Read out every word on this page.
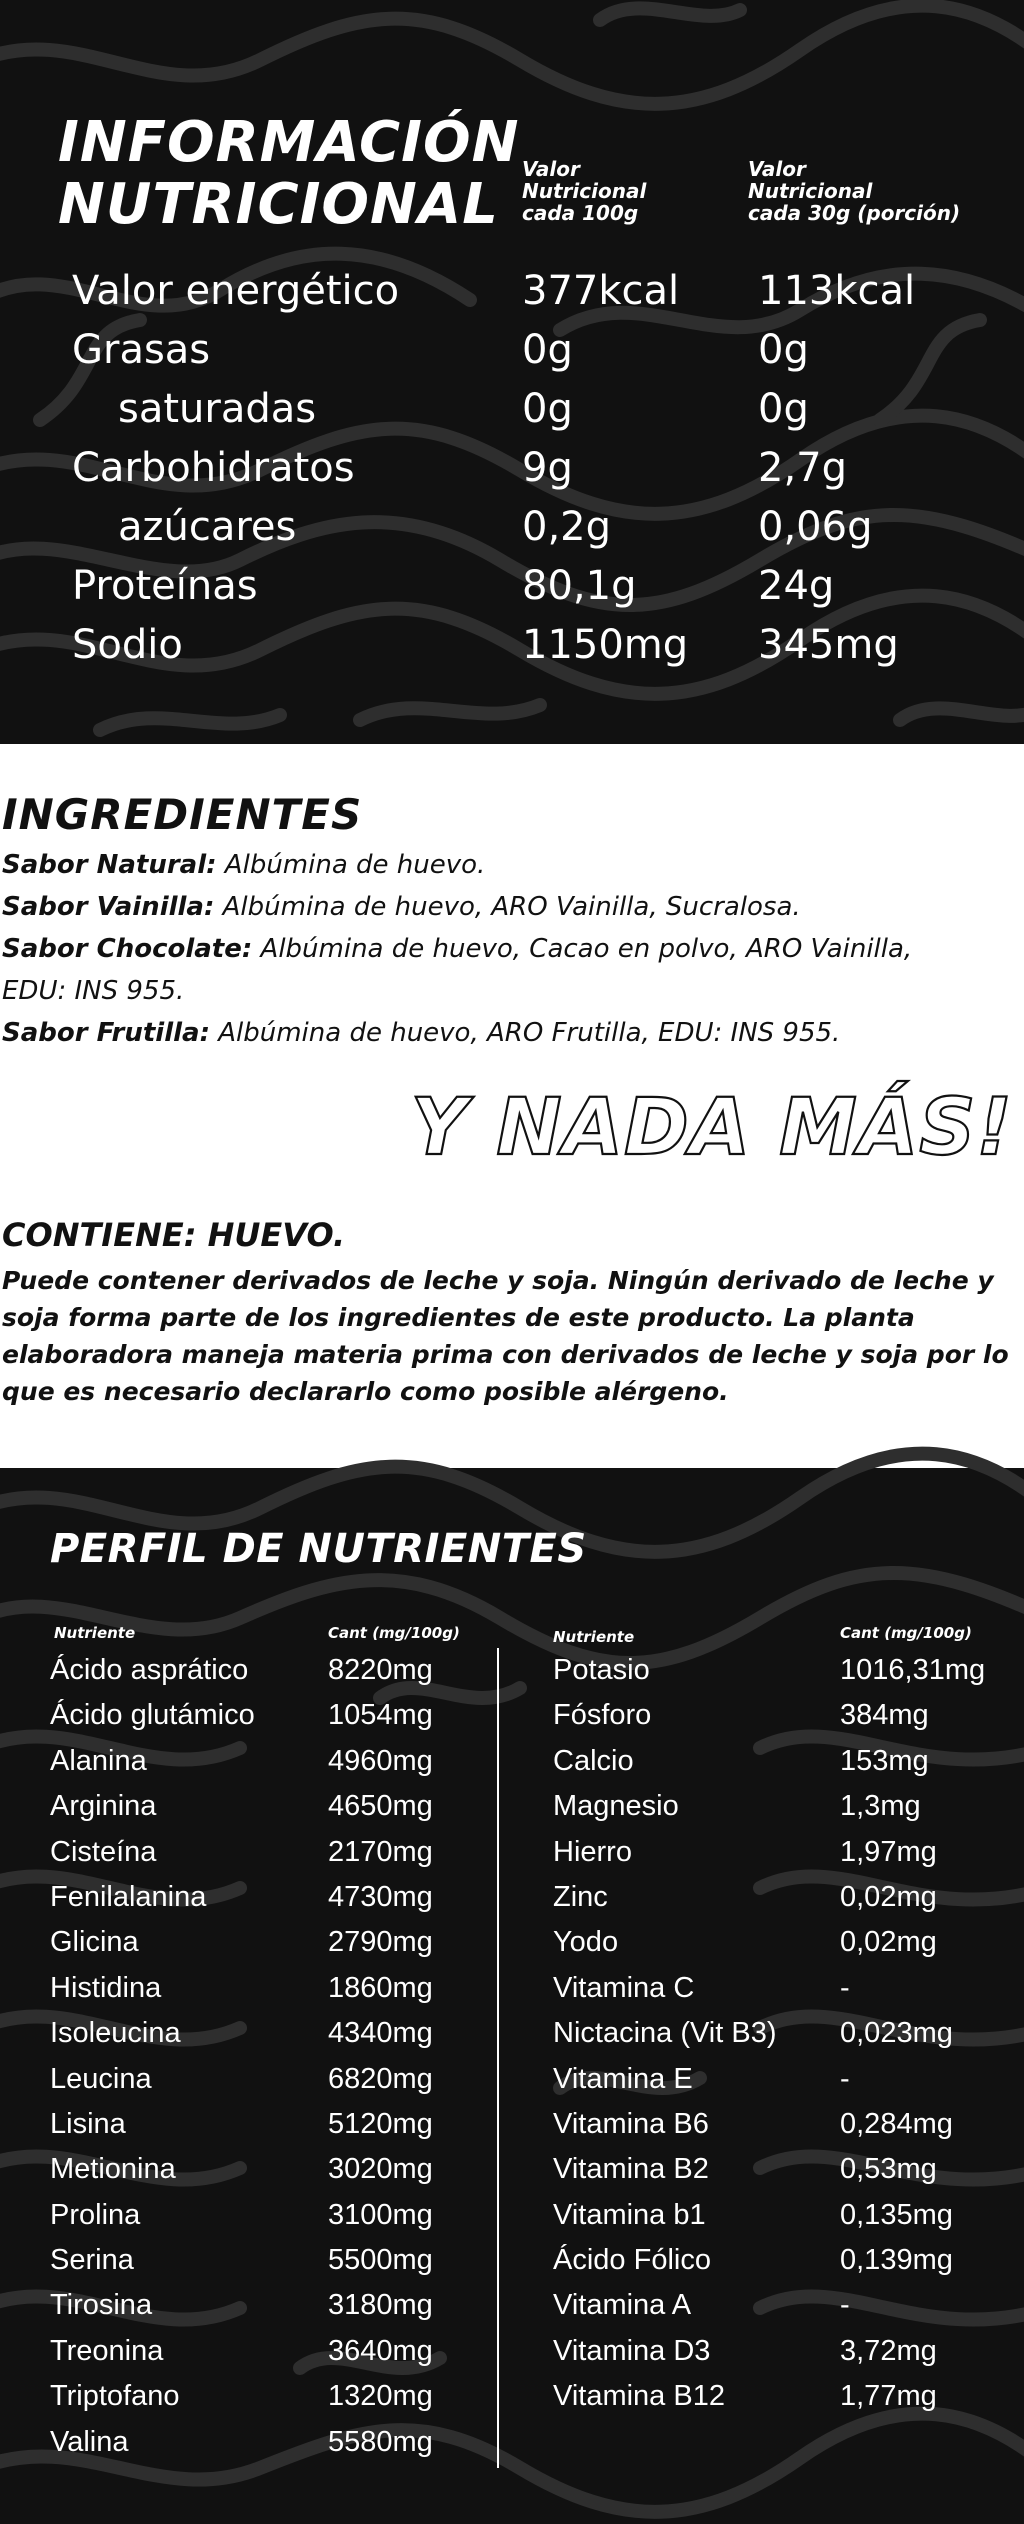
INFORMACIÓN
NUTRICIONAL
Valor
Nutricional
cada 100g
Valor
Nutricional
cada 30g (porción)
Valor energético	377kcal 113kcal
Grasas	0g	0g
saturadas	0g	0g
Carbohidratos	9g	2,7g
azúcares	0,2g	0,06g
Proteínas	80,1g	24g
Sodio	1150mg 345mg
INGREDIENTES

Sabor Natural: Albúmina de huevo.

Sabor Vainilla: Albúmina de huevo, ARO Vainilla, Sucralosa.

Sabor Chocolate: Albúmina de huevo, Cacao en polvo, ARO Vainilla,

EDU: INS 955.

Sabor Frutilla: Albúmina de huevo, ARO Frutilla, EDU: INS 955.

Y NADA MÁS!
CONTIENE: HUEVO.

Puede contener derivados de leche y soja. Ningún derivado de leche y soja forma parte de los ingredientes de este producto. La planta elaboradora maneja materia prima con derivados de leche y soja por lo que es necesario declararlo como posible alérgeno.

PERFIL DE NUTRIENTES
Nutriente	Cant (mg/100g)	Nutriente	Cant (mg/100g)
Ácido asprático	8220mg
Ácido glutámico	1054mg
Alanina	4960mg
Arginina	4650mg
Cisteína	2170mg
Fenilalanina	4730mg
Glicina	2790mg
Histidina	1860mg
Isoleucina	4340mg
Leucina	6820mg
Lisina	5120mg
Metionina	3020mg
Prolina	3100mg
Serina	5500mg
Tirosina	3180mg
Treonina	3640mg
Triptofano	1320mg
Valina	5580mg
Potasio	1016,31mg
Fósforo	384mg
Calcio	153mg
Magnesio	1,3mg
Hierro	1,97mg
Zinc	0,02mg
Yodo	0,02mg
Vitamina C	-
Nictacina (Vit B3) 0,023mg
Vitamina E	-
Vitamina B6	0,284mg
Vitamina B2	0,53mg
Vitamina b1	0,135mg
Ácido Fólico	0,139mg
Vitamina A	-
Vitamina D3	3,72mg
Vitamina B12	1,77mg
